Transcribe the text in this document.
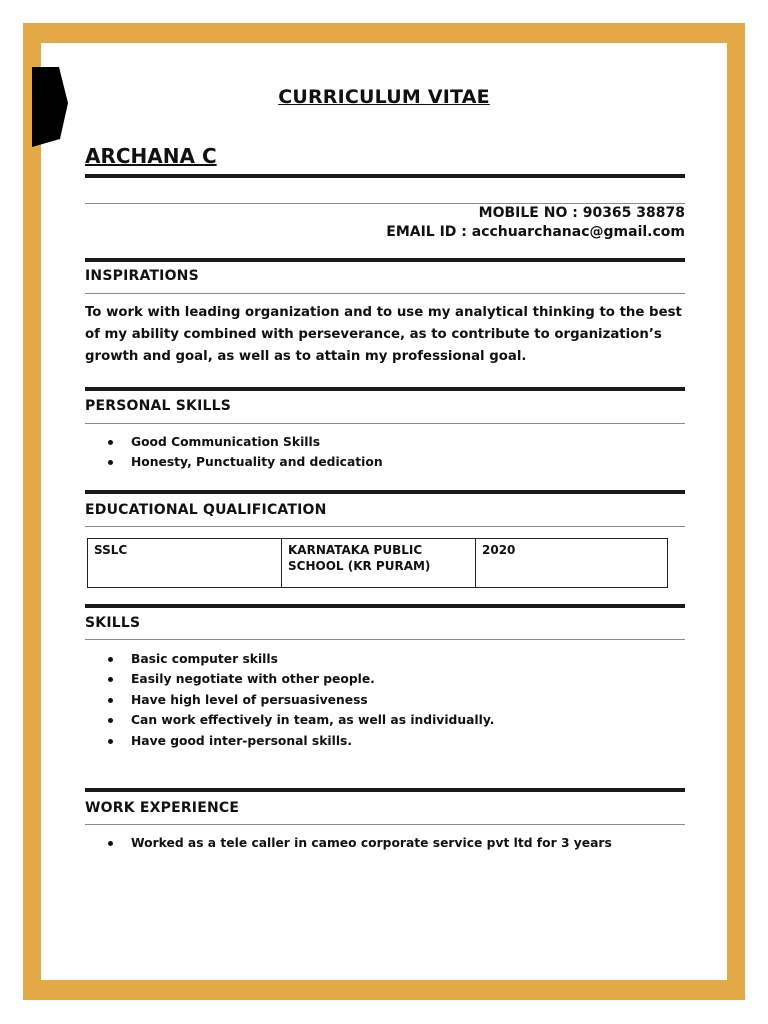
CURRICULUM VITAE
ARCHANA C
MOBILE NO : 90365 38878
EMAIL ID : acchuarchanac@gmail.com
INSPIRATIONS
To work with leading organization and to use my analytical thinking to the best of my ability combined with perseverance, as to contribute to organization’s growth and goal, as well as to attain my professional goal.
PERSONAL SKILLS
Good Communication Skills
Honesty, Punctuality and dedication
EDUCATIONAL QUALIFICATION
SSLC	KARNATAKA PUBLIC SCHOOL (KR PURAM)	2020
SKILLS
Basic computer skills
Easily negotiate with other people.
Have high level of persuasiveness
Can work effectively in team, as well as individually.
Have good inter-personal skills.
WORK EXPERIENCE
Worked as a tele caller in cameo corporate service pvt ltd for 3 years
